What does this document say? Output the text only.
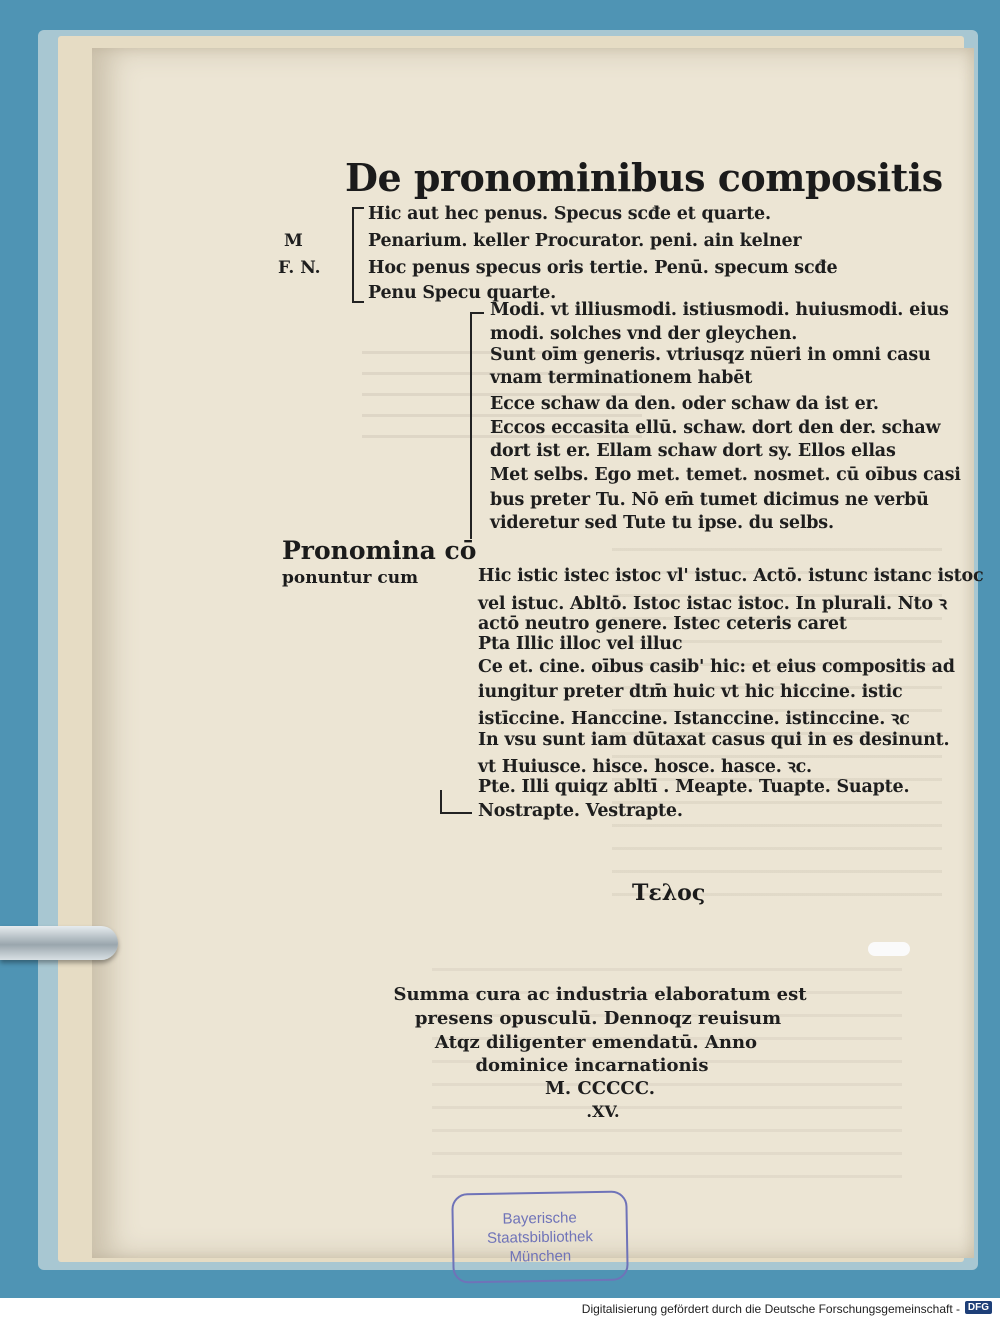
De pronominibus compositis
Hic aut hec penus. Specus scđe et quarte.
Penarium. keller Procurator. peni. ain kelner
Hoc penus specus oris tertie. Penū. specum scđe
Penu Specu quarte.
M
F. N.
Modi. vt illiusmodi. istiusmodi. huiusmodi. eius
modi. solches vnd der gleychen.
Sunt oīm generis. vtriusqz nūeri in omni casu
vnam terminationem habēt
Ecce schaw da den. oder schaw da ist er.
Eccos eccasita ellū. schaw. dort den der. schaw
dort ist er. Ellam schaw dort sy. Ellos ellas
Met selbs. Ego met. temet. nosmet. cū oībus casi
bus preter Tu. Nō em̄ tumet dicimus ne verbū
videretur sed Tute tu ipse. du selbs.
Pronomina cō
ponuntur cum	Hic istic istec istoc vl' istuc. Actō. istunc istanc istoc
vel istuc. Abltō. Istoc istac istoc. In plurali. Nto ꝛ
actō neutro genere. Istec ceteris caret
Pta Illic illoc vel illuc
Ce et. cine. oībus casib' hic: et eius compositis ad
iungitur preter dtm̄ huic vt hic hiccine. istic
istīccine. Hanccine. Istanccine. istinccine. ꝛc
In vsu sunt iam dūtaxat casus qui in es desinunt.
vt Huiusce. hisce. hosce. hasce. ꝛc.
Pte. Illi quiqz abltī . Meapte. Tuapte. Suapte.
Nostrapte. Vestrapte.
Τελος
Summa cura ac industria elaboratum est
presens opusculū. Dennoqz reuisum
Atqz diligenter emendatū. Anno
dominice incarnationis
M. CCCCC.
.XV.
Bayerische
Staatsbibliothek
München
Digitalisierung gefördert durch die Deutsche Forschungsgemeinschaft - DFG
